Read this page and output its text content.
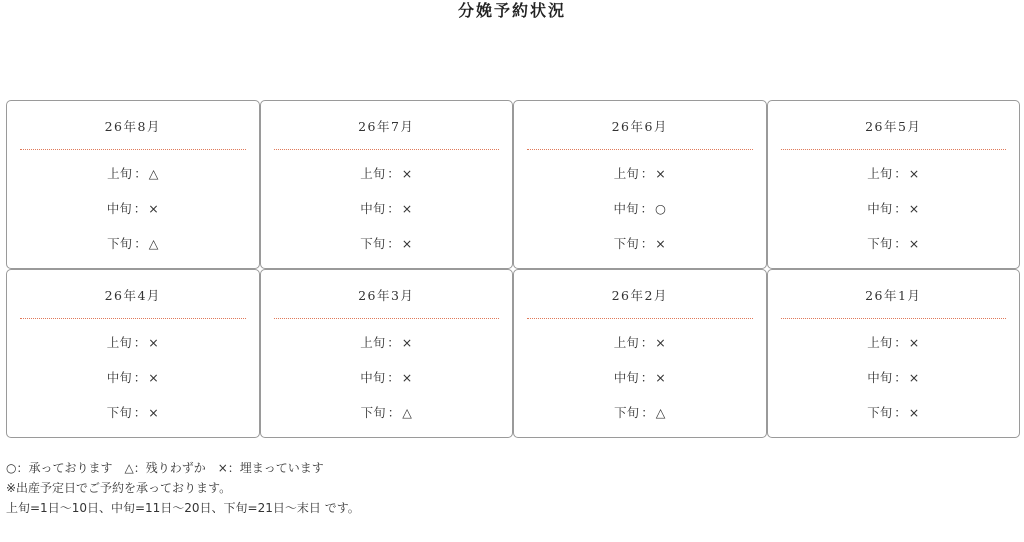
分娩予約状況
26年8月
上旬 ： △
中旬 ： ×
下旬 ： △
26年7月
上旬 ： ×
中旬 ： ×
下旬 ： ×
26年6月
上旬 ： ×
中旬 ： ○
下旬 ： ×
26年5月
上旬 ： ×
中旬 ： ×
下旬 ： ×
26年4月
上旬 ： ×
中旬 ： ×
下旬 ： ×
26年3月
上旬 ： ×
中旬 ： ×
下旬 ： △
26年2月
上旬 ： ×
中旬 ： ×
下旬 ： △
26年1月
上旬 ： ×
中旬 ： ×
下旬 ： ×
○：承っております　△：残りわずか　×：埋まっています
※出産予定日でご予約を承っております。
上旬=1日〜10日、中旬=11日〜20日、下旬=21日〜末日 です。
